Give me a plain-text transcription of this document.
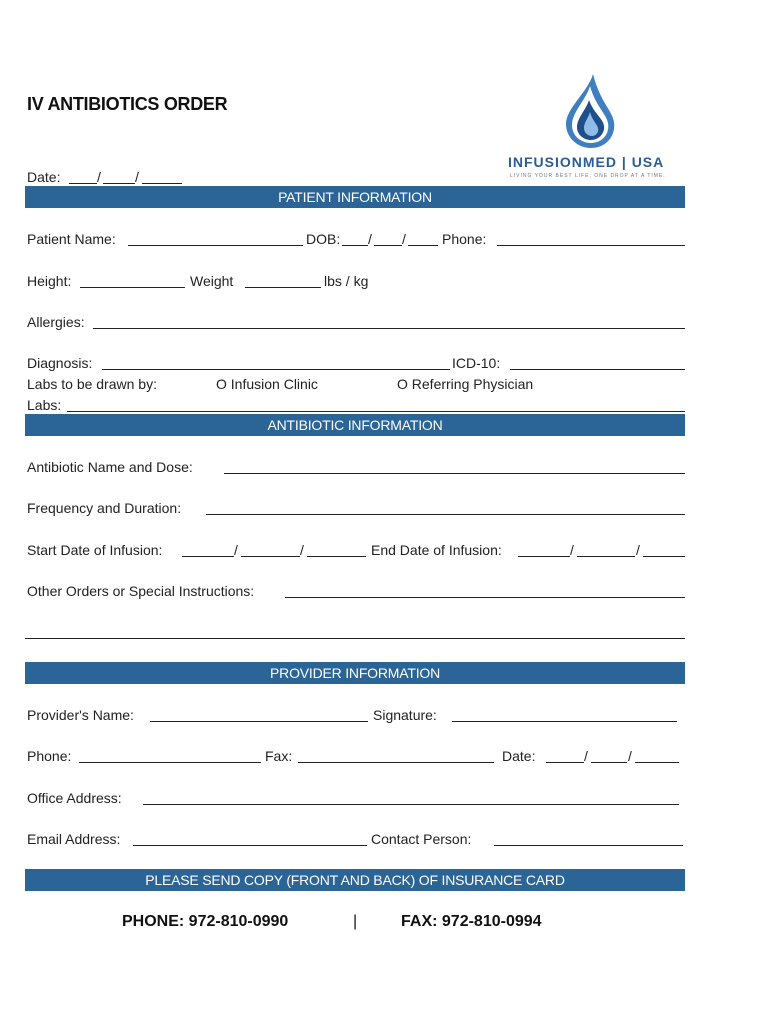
IV ANTIBIOTICS ORDER
INFUSIONMED | USA
LIVING YOUR BEST LIFE, ONE DROP AT A TIME.
Date:	/ /
PATIENT INFORMATION
Patient Name:	DOB: / /	Phone:
Height:	Weight	lbs / kg
Allergies:
Diagnosis:	ICD-10:
Labs to be drawn by:	O Infusion Clinic	O Referring Physician
Labs:
ANTIBIOTIC INFORMATION
Antibiotic Name and Dose:
Frequency and Duration:
Start Date of Infusion:	/	/	End Date of Infusion:	/	/
Other Orders or Special Instructions:
PROVIDER INFORMATION
Provider's Name:	Signature:
Phone:	Fax:	Date:	/	/
Office Address:
Email Address:	Contact Person:
PLEASE SEND COPY (FRONT AND BACK) OF INSURANCE CARD
PHONE: 972-810-0990	|	FAX: 972-810-0994
